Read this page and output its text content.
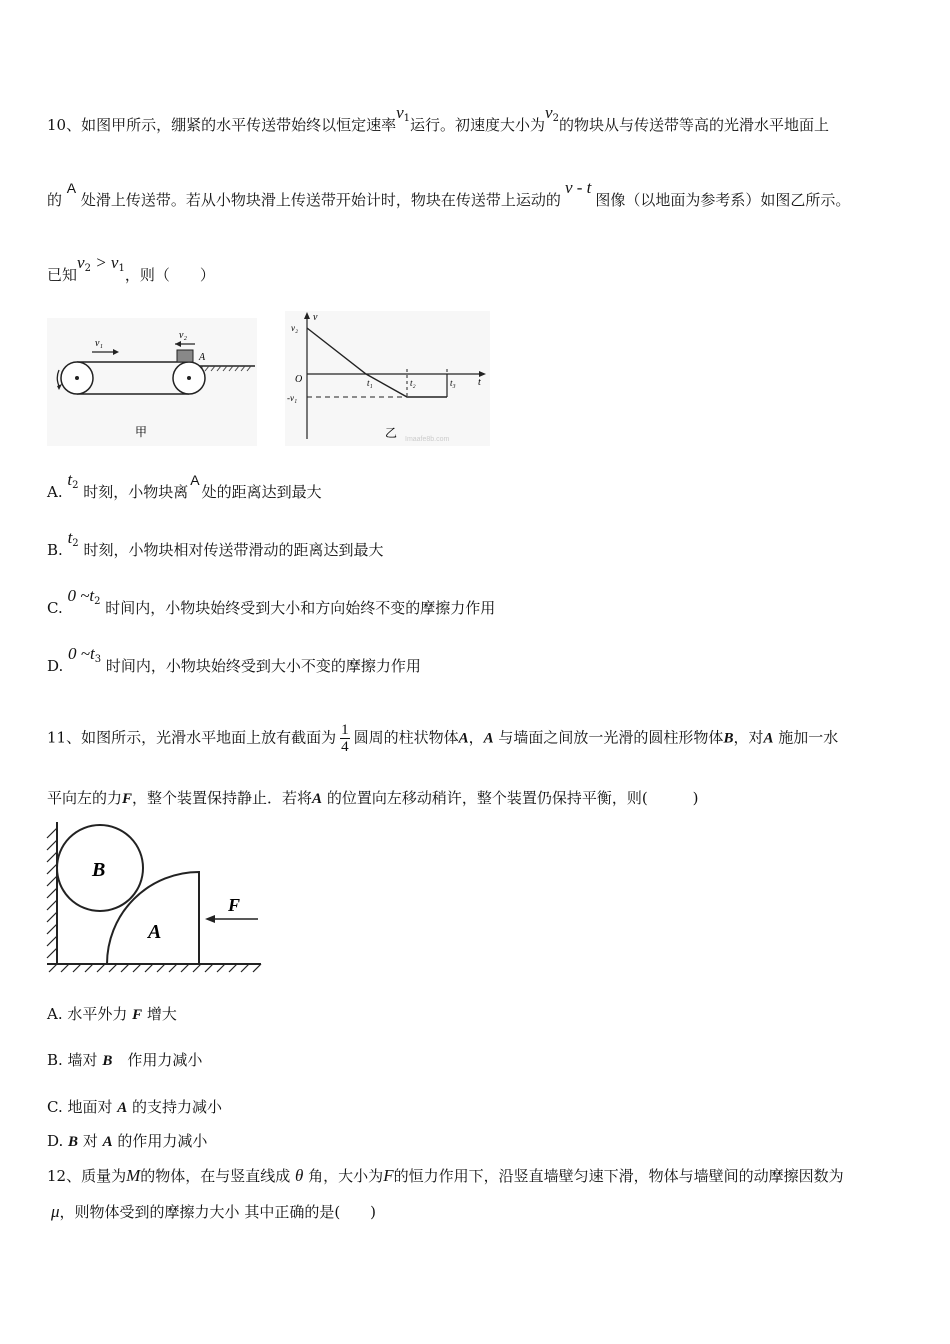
10、如图甲所示，绷紧的水平传送带始终以恒定速率$v_1$运行。初速度大小为$v_2$的物块从与传送带等高的光滑水平地面上
的 A 处滑上传送带。若从小物块滑上传送带开始计时，物块在传送带上运动的v - t图像（以地面为参考系）如图乙所示。
已知$v_2 > v_1$，则（　　）
v₁
v₂
A
甲
v
t
O
v₂
-v₁
t₁	t₂	t₃
乙 Imaafe8b.com
A. $t_2$ 时刻，小物块离A处的距离达到最大
B. $t_2$ 时刻，小物块相对传送带滑动的距离达到最大
C. 0 $\sim t_2$ 时间内，小物块始终受到大小和方向始终不变的摩擦力作用
D. 0 $\sim t_3$ 时间内，小物块始终受到大小不变的摩擦力作用
11、如图所示，光滑水平地面上放有截面为 $\frac{1}{4}$ 圆周的柱状物体A，A 与墙面之间放一光滑的圆柱形物体B，对A 施加一水
平向左的力F，整个装置保持静止．若将A 的位置向左移动稍许，整个装置仍保持平衡，则(　　　)
B
A
F
A. 水平外力 F 增大
B. 墙对 B　作用力减小
C. 地面对 A 的支持力减小
D. B 对 A 的作用力减小
12、质量为M的物体，在与竖直线成 θ 角，大小为F的恒力作用下，沿竖直墙壁匀速下滑，物体与墙壁间的动摩擦因数为
μ，则物体受到的摩擦力大小 其中正确的是(　　)
